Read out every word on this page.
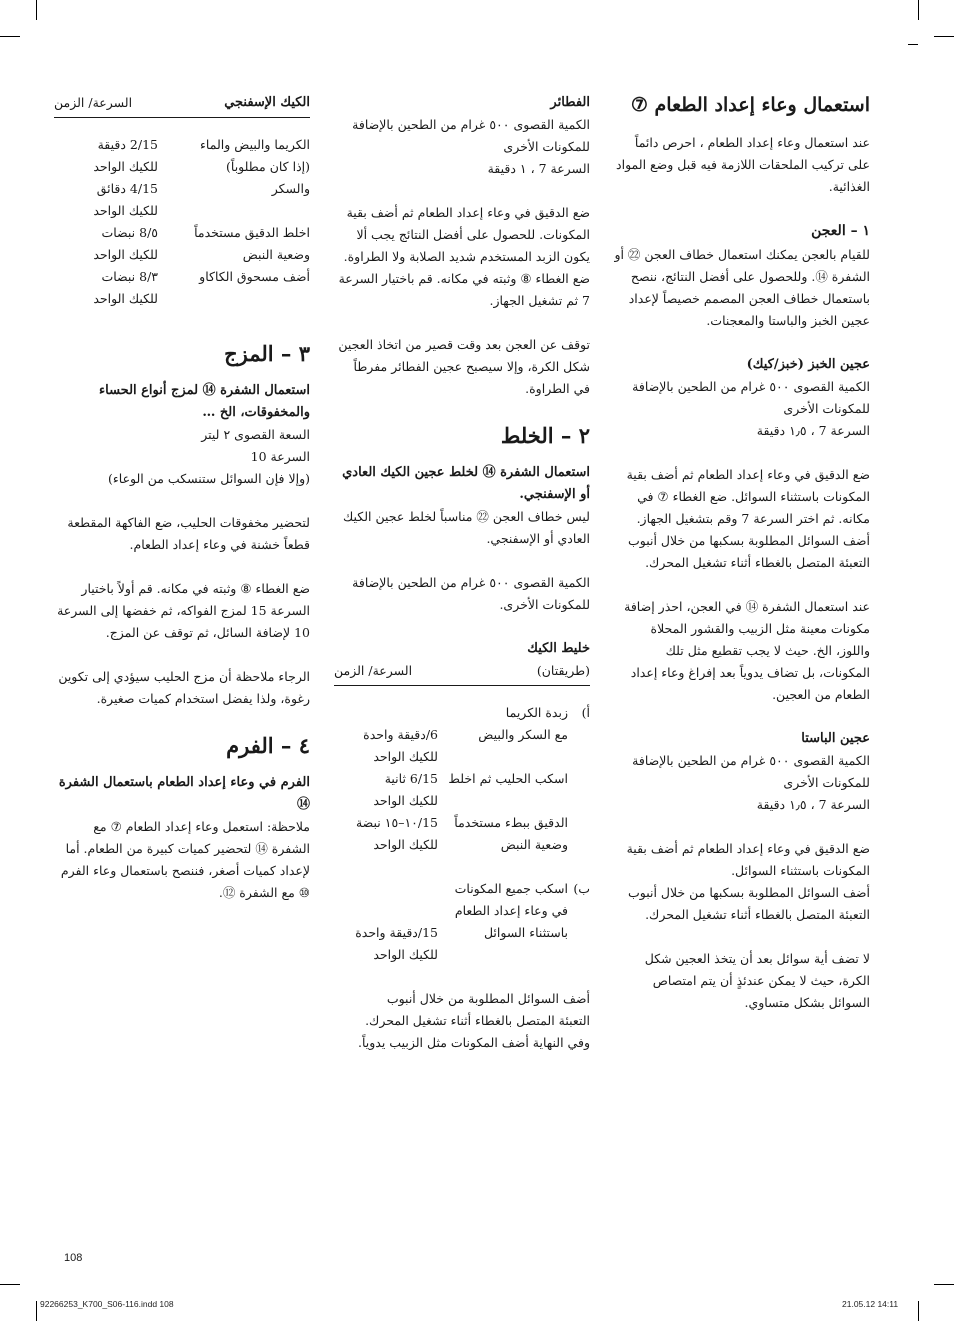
استعمال وعاء إعداد الطعام ⑦

عند استعمال وعاء إعداد الطعام ، احرص دائماً على تركيب الملحقات اللازمة فيه قبل وضع المواد الغذائية.

١ – العجن

للقيام بالعجن يمكنك استعمال خطاف العجن ㉒ أو الشفرة ⑭. وللحصول على أفضل النتائج، ننصح باستعمال خطاف العجن المصمم خصيصاً لإعداد عجين الخبز والباستا والمعجنات.

عجين الخبز (خبز/كيك)
الكمية القصوى ٥٠٠ غرام من الطحين بالإضافة
للمكونات الأخرى
السرعة 7 ، ١٫٥ دقيقة

ضع الدقيق في وعاء إعداد الطعام ثم أضف بقية المكونات باستثناء السوائل. ضع الغطاء ⑦ في مكانه. ثم اختر السرعة 7 وقم بتشغيل الجهاز.

أضف السوائل المطلوبة بسكبها من خلال أنبوب التعبئة المتصل بالغطاء أثناء تشغيل المحرك.

عند استعمال الشفرة ⑭ في العجن، احذر إضافة مكونات معينة مثل الزبيب والقشور المحلاة واللوز، الخ. حيث لا يجب تقطيع مثل تلك المكونات، بل تضاف يدوياً بعد إفراغ وعاء إعداد الطعام من العجين.

عجين الباستا
الكمية القصوى ٥٠٠ غرام من الطحين بالإضافة
للمكونات الأخرى
السرعة 7 ، ١٫٥ دقيقة

ضع الدقيق في وعاء إعداد الطعام ثم أضف بقية المكونات باستثناء السوائل.

أضف السوائل المطلوبة بسكبها من خلال أنبوب التعبئة المتصل بالغطاء أثناء تشغيل المحرك.

لا تضف أية سوائل بعد أن يتخذ العجين شكل الكرة، حيث لا يمكن عندئذٍ أن يتم امتصاص السوائل بشكل متساوي.

الفطائر
الكمية القصوى ٥٠٠ غرام من الطحين بالإضافة
للمكونات الأخرى
السرعة 7 ، ١ دقيقة

ضع الدقيق في وعاء إعداد الطعام ثم أضف بقية المكونات. للحصول على أفضل النتائج يجب ألا يكون الزبد المستخدم شديد الصلابة ولا الطراوة. ضع الغطاء ⑧ وثبته في مكانه. قم باختيار السرعة 7 ثم تشغيل الجهاز.

توقف عن العجن بعد وقت قصير من اتخاذ العجين شكل الكرة، وإلا سيصبح عجين الفطائر مفرطاً في الطراوة.

٢ – الخلط
استعمال الشفرة ⑭ لخلط عجين الكيك العادي أو الإسفنجي.

ليس خطاف العجن ㉒ مناسباً لخلط عجين الكيك العادي أو الإسفنجي.

الكمية القصوى ٥٠٠ غرام من الطحين بالإضافة للمكونات الأخرى.

خليط الكيك
(طريقتان)
السرعة/ الزمن
أ)	زبدة الكريما	
	مع السكر والبيض	6/دقيقة واحدة
		للكيك الواحد
	اسكب الحليب ثم اخلط	6/15 ثانية
		للكيك الواحد
	الدقيق ببطء مستخدماً	15/١٠–١٥ نبضة
	وضعية النبض	للكيك الواحد

ب)	اسكب جميع المكونات	
	في وعاء إعداد الطعام	
	باستثناء السوائل	15/دقيقة واحدة
		للكيك الواحد
أضف السوائل المطلوبة من خلال أنبوب
التعبئة المتصل بالغطاء أثناء تشغيل المحرك.
وفي النهاية أضف المكونات مثل الزبيب يدوياً.
الكيك الإسفنجي
السرعة/ الزمن
الكريما والبيض والماء	2/15 دقيقة
(إذا كان مطلوباً)	للكيك الواحد
والسكر	4/15 دقائق
	للكيك الواحد
اخلط الدقيق مستخدماً	٥/8 نبضات
وضعية النبض	للكيك الواحد
أضف مسحوق الكاكاو	٣/8 نبضات
	للكيك الواحد
٣ – المزج
استعمال الشفرة ⑭ لمزج أنواع الحساء والمخفوقات، الخ …
السعة القصوى ٢ ليتر
السرعة 10
(وإلا فإن السوائل ستنسكب من الوعاء)

لتحضير مخفوقات الحليب، ضع الفاكهة المقطعة قطعاً خشنة في وعاء إعداد الطعام.

ضع الغطاء ⑧ وثبته في مكانه. قم أولاً باختيار السرعة 15 لمزج الفواكه، ثم خفضها إلى السرعة 10 لإضافة السائل، ثم توقف عن المزج.

الرجاء ملاحظة أن مزج الحليب سيؤدي إلى تكوين رغوة، ولذا يفضل استخدام كميات صغيرة.

٤ – الفرم
الفرم في وعاء إعداد الطعام باستعمال الشفرة ⑭

ملاحظة: استعمل وعاء إعداد الطعام ⑦ مع الشفرة ⑭ لتحضير كميات كبيرة من الطعام. أما لإعداد كميات أصغر، فننصح باستعمال وعاء الفرم ⑩ مع الشفرة ⑫.

108
92266253_K700_S06-116.indd 108	21.05.12 14:11
